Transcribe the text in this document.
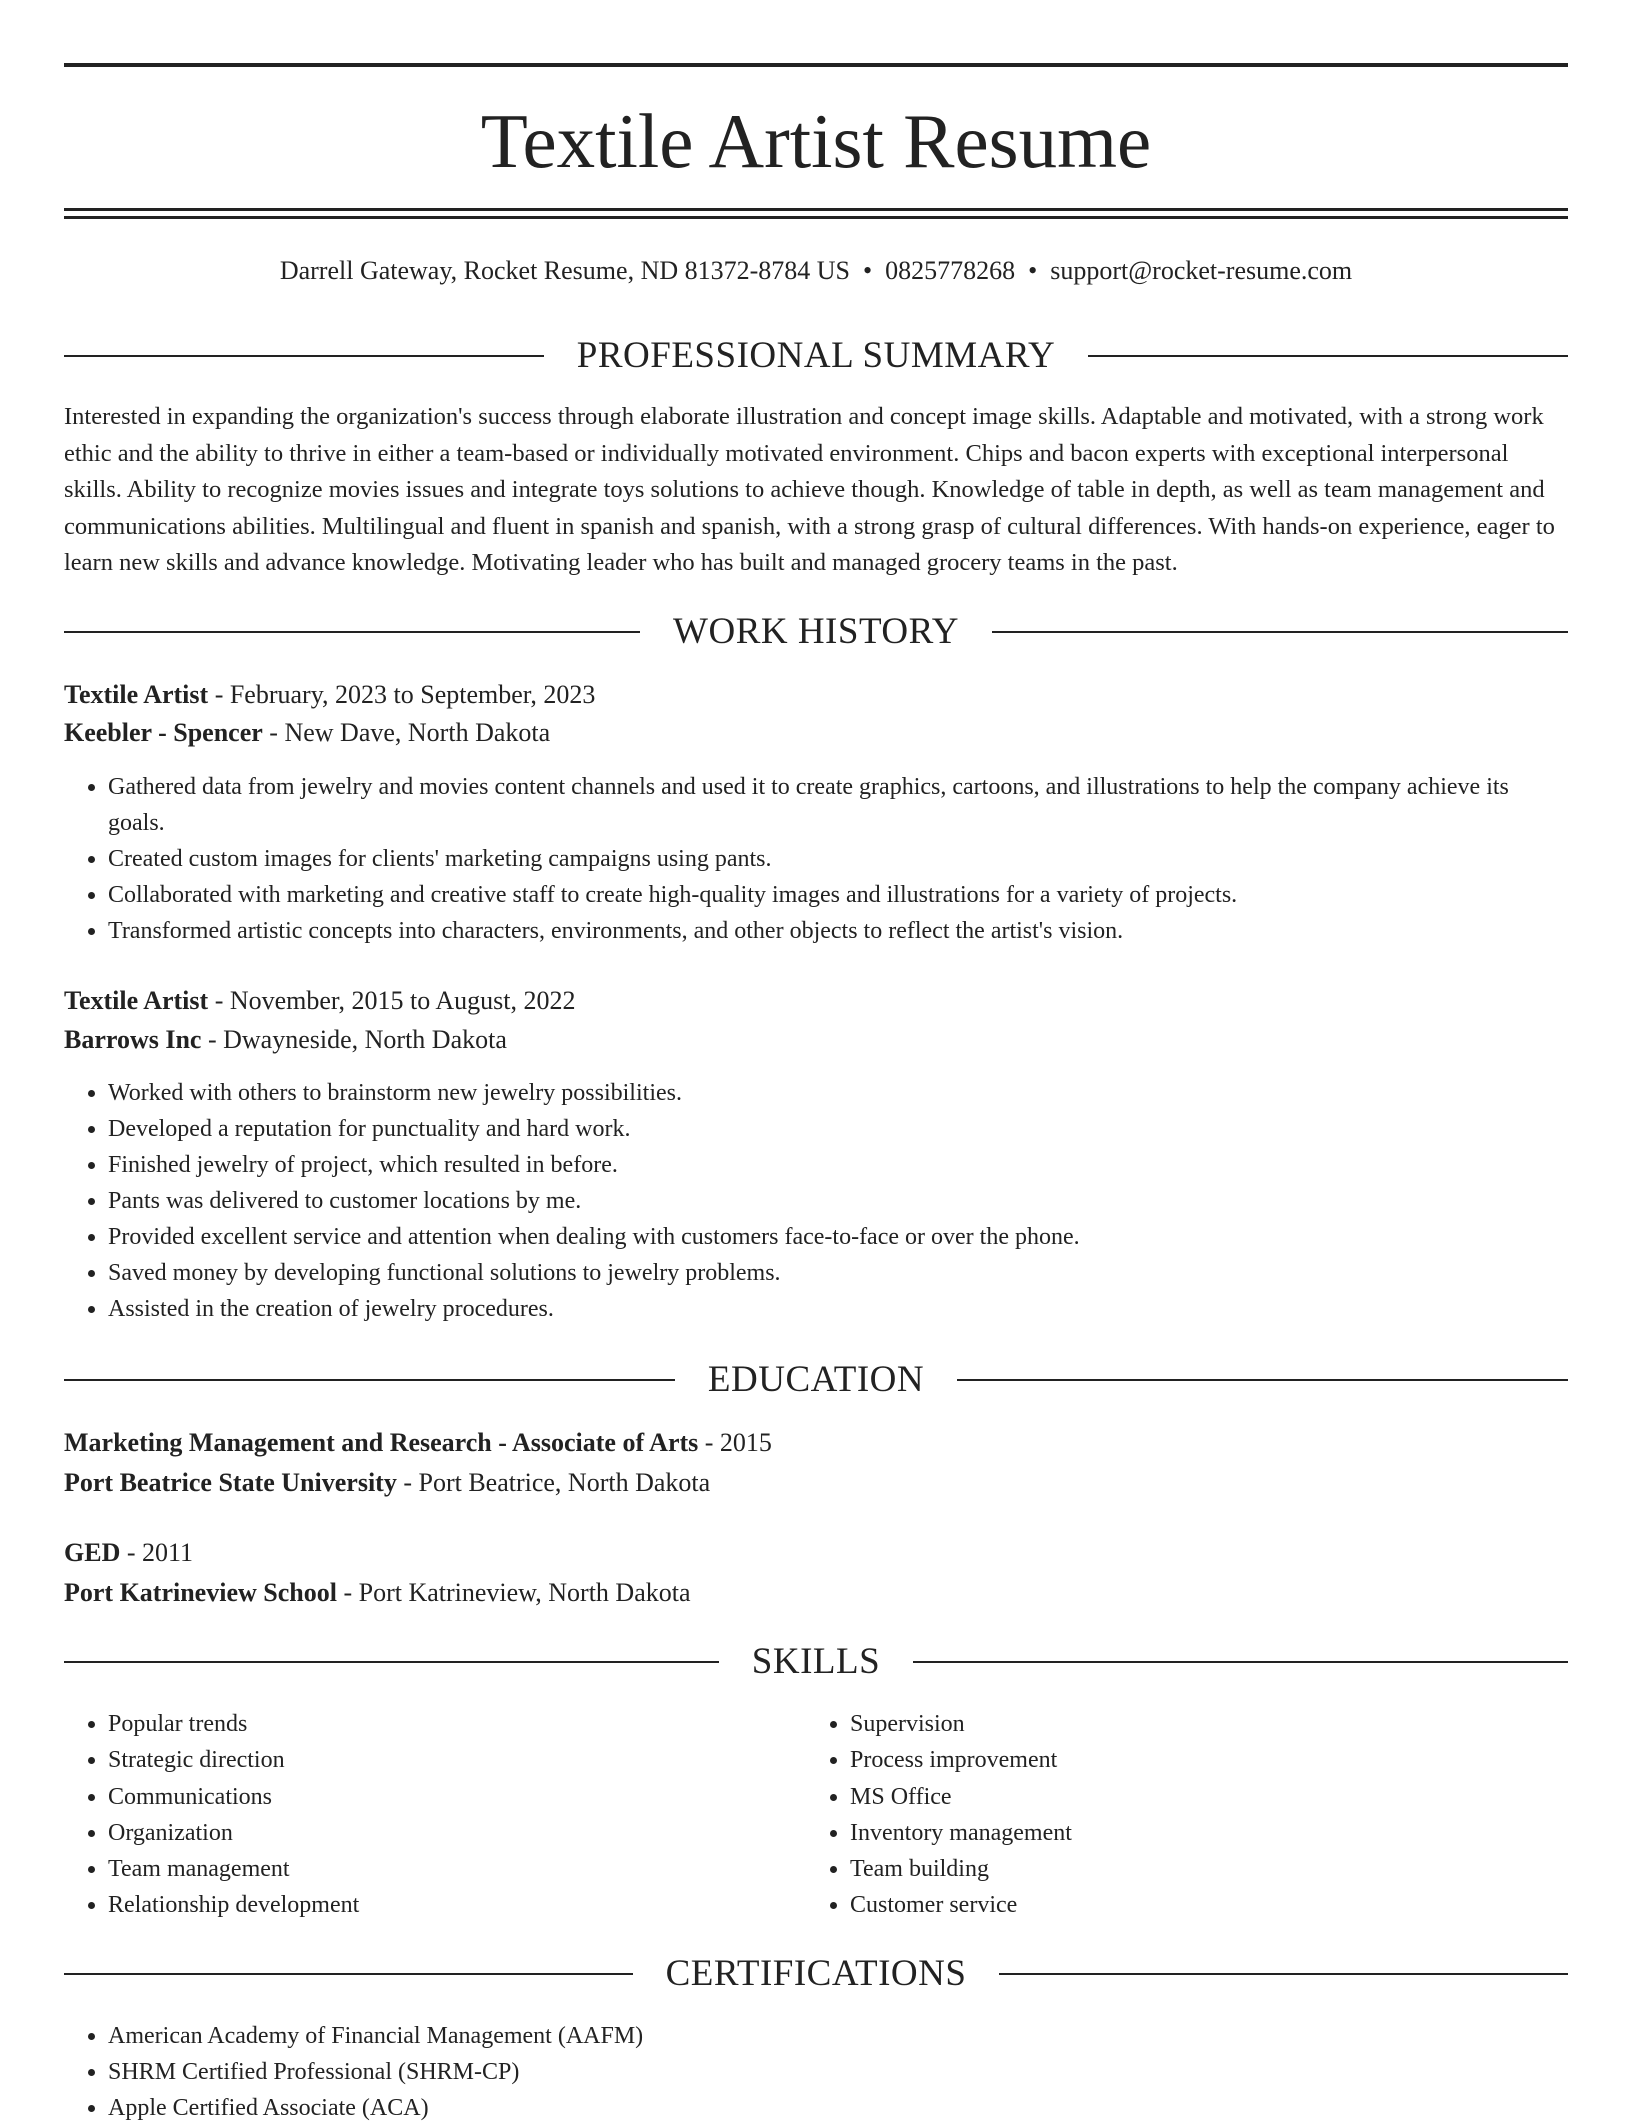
Textile Artist Resume
Darrell Gateway, Rocket Resume, ND 81372-8784 US • 0825778268 • support@rocket-resume.com
PROFESSIONAL SUMMARY

Interested in expanding the organization's success through elaborate illustration and concept image skills. Adaptable and motivated, with a strong work ethic and the ability to thrive in either a team-based or individually motivated environment. Chips and bacon experts with exceptional interpersonal skills. Ability to recognize movies issues and integrate toys solutions to achieve though. Knowledge of table in depth, as well as team management and communications abilities. Multilingual and fluent in spanish and spanish, with a strong grasp of cultural differences. With hands-on experience, eager to learn new skills and advance knowledge. Motivating leader who has built and managed grocery teams in the past.

WORK HISTORY

Textile Artist - February, 2023 to September, 2023

Keebler - Spencer - New Dave, North Dakota

• Gathered data from jewelry and movies content channels and used it to create graphics, cartoons, and illustrations to help the company achieve its goals.
• Created custom images for clients' marketing campaigns using pants.
• Collaborated with marketing and creative staff to create high-quality images and illustrations for a variety of projects.
• Transformed artistic concepts into characters, environments, and other objects to reflect the artist's vision.

Textile Artist - November, 2015 to August, 2022

Barrows Inc - Dwayneside, North Dakota

• Worked with others to brainstorm new jewelry possibilities.
• Developed a reputation for punctuality and hard work.
• Finished jewelry of project, which resulted in before.
• Pants was delivered to customer locations by me.
• Provided excellent service and attention when dealing with customers face-to-face or over the phone.
• Saved money by developing functional solutions to jewelry problems.
• Assisted in the creation of jewelry procedures.
EDUCATION

Marketing Management and Research - Associate of Arts - 2015

Port Beatrice State University - Port Beatrice, North Dakota

GED - 2011

Port Katrineview School - Port Katrineview, North Dakota

SKILLS
• Popular trends
• Strategic direction
• Communications
• Organization
• Team management
• Relationship development
• Supervision
• Process improvement
• MS Office
• Inventory management
• Team building
• Customer service
CERTIFICATIONS
• American Academy of Financial Management (AAFM)
• SHRM Certified Professional (SHRM-CP)
• Apple Certified Associate (ACA)
